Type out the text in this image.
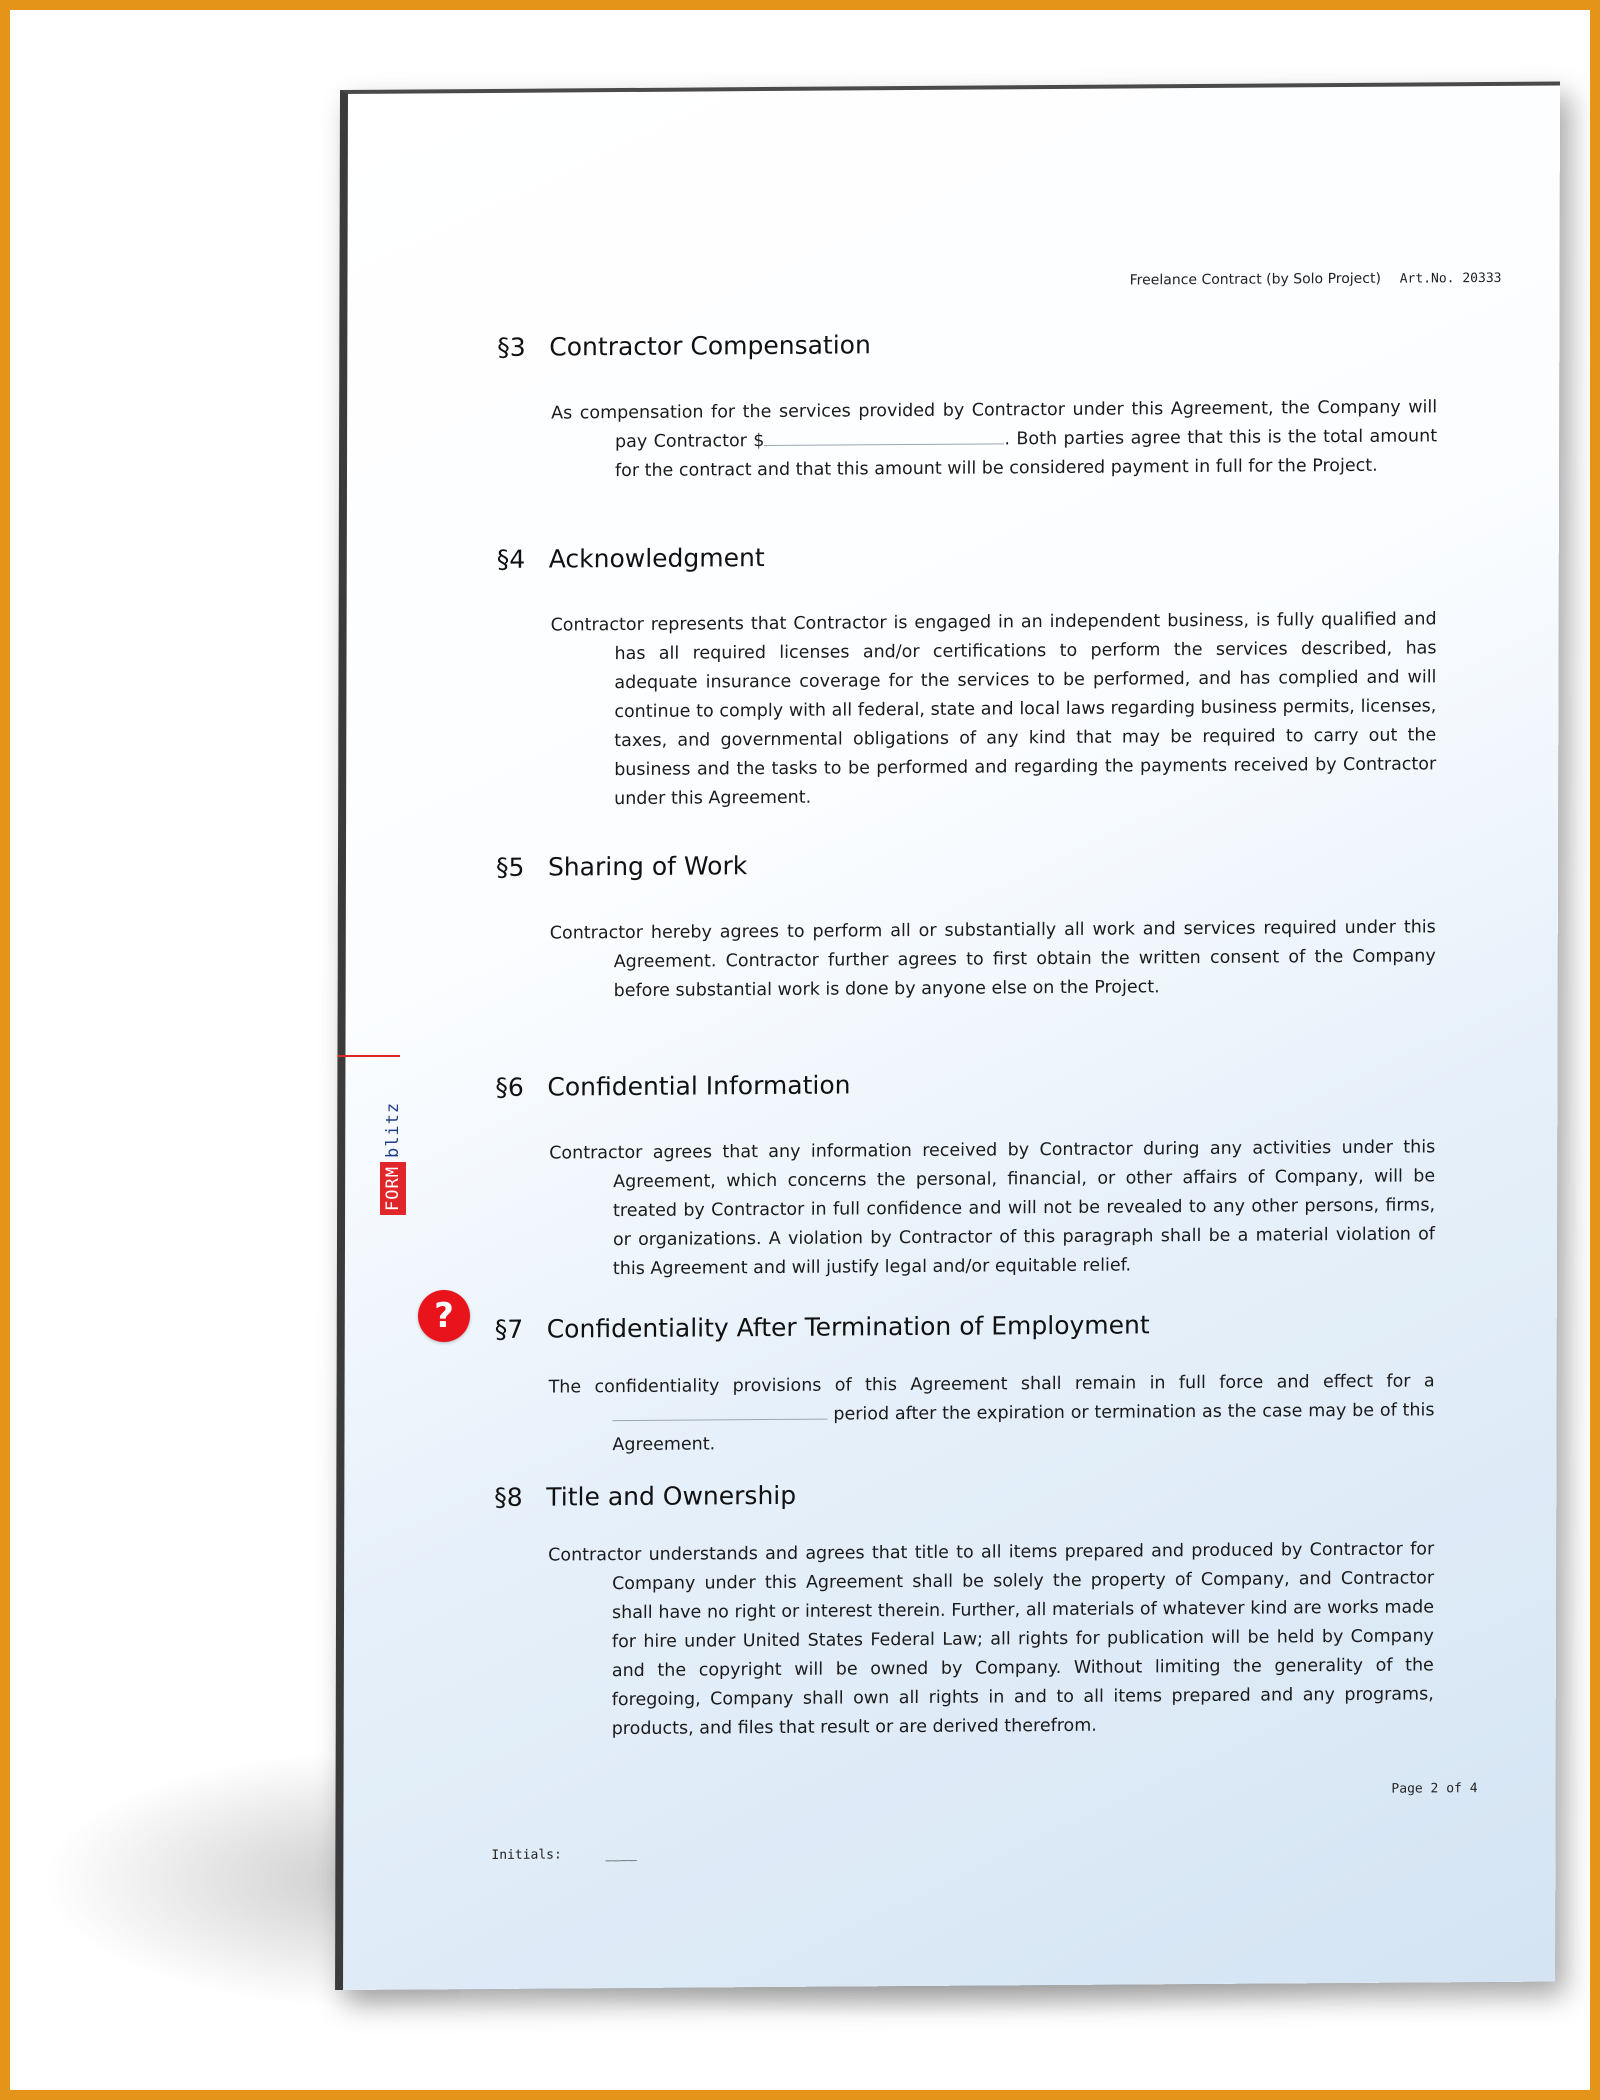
Freelance Contract (by Solo Project) Art.No. 20333
§3 Contractor Compensation
As compensation for the services provided by Contractor under this Agreement, the Company will pay Contractor $	. Both parties agree that this is the total amount for the contract and that this amount will be considered payment in full for the Project.
§4 Acknowledgment
Contractor represents that Contractor is engaged in an independent business, is fully qualified and has all required licenses and/or certifications to perform the services described, has adequate insurance coverage for the services to be performed, and has complied and will continue to comply with all federal, state and local laws regarding business permits, licenses, taxes, and governmental obligations of any kind that may be required to carry out the business and the tasks to be performed and regarding the payments received by Contractor under this Agreement.
§5 Sharing of Work
Contractor hereby agrees to perform all or substantially all work and services required under this Agreement. Contractor further agrees to first obtain the written consent of the Company before substantial work is done by anyone else on the Project.
§6 Confidential Information
Contractor agrees that any information received by Contractor during any activities under this Agreement, which concerns the personal, financial, or other affairs of Company, will be treated by Contractor in full confidence and will not be revealed to any other persons, firms, or organizations. A violation by Contractor of this paragraph shall be a material violation of this Agreement and will justify legal and/or equitable relief.
§7 Confidentiality After Termination of Employment
The confidentiality provisions of this Agreement shall remain in full force and effect for a  period after the expiration or termination as the case may be of this Agreement.
§8 Title and Ownership
Contractor understands and agrees that title to all items prepared and produced by Contractor for Company under this Agreement shall be solely the property of Company, and Contractor shall have no right or interest therein. Further, all materials of whatever kind are works made for hire under United States Federal Law; all rights for publication will be held by Company and the copyright will be owned by Company. Without limiting the generality of the foregoing, Company shall own all rights in and to all items prepared and any programs, products, and files that result or are derived therefrom.
Page 2 of 4
Initials:	____
FORM
blitz
?
